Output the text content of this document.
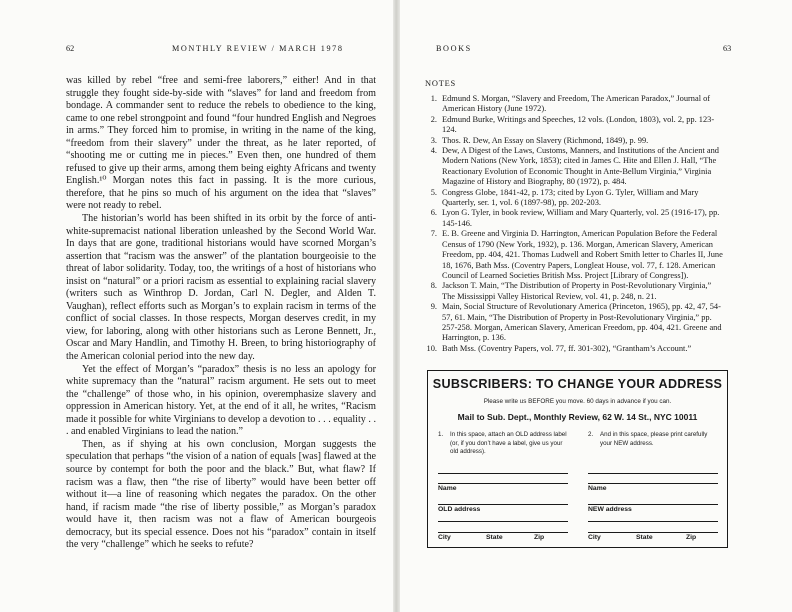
62	MONTHLY REVIEW / MARCH 1978	BOOKS	63

was killed by rebel “free and semi-free laborers,” either! And in that struggle they fought side-by-side with “slaves” for land and freedom from bondage. A commander sent to reduce the rebels to obedience to the king, came to one rebel strongpoint and found “four hundred English and Negroes in arms.” They forced him to promise, in writing in the name of the king, “freedom from their slavery” under the threat, as he later reported, of “shooting me or cutting me in pieces.” Even then, one hundred of them refused to give up their arms, among them being eighty Africans and twenty English.¹⁰ Morgan notes this fact in passing. It is the more curious, therefore, that he pins so much of his argument on the idea that “slaves” were not ready to rebel.

The historian’s world has been shifted in its orbit by the force of anti-white-supremacist national liberation unleashed by the Second World War. In days that are gone, traditional historians would have scorned Morgan’s assertion that “racism was the answer” of the plantation bourgeoisie to the threat of labor solidarity. Today, too, the writings of a host of historians who insist on “natural” or a priori racism as essential to explaining racial slavery (writers such as Winthrop D. Jordan, Carl N. Degler, and Alden T. Vaughan), reflect efforts such as Morgan’s to explain racism in terms of the conflict of social classes. In those respects, Morgan deserves credit, in my view, for laboring, along with other historians such as Lerone Bennett, Jr., Oscar and Mary Handlin, and Timothy H. Breen, to bring historiography of the American colonial period into the new day.

Yet the effect of Morgan’s “paradox” thesis is no less an apology for white supremacy than the “natural” racism argument. He sets out to meet the “challenge” of those who, in his opinion, overemphasize slavery and oppression in American history. Yet, at the end of it all, he writes, “Racism made it possible for white Virginians to develop a devotion to . . . equality . . . and enabled Virginians to lead the nation.”

Then, as if shying at his own conclusion, Morgan suggests the speculation that perhaps “the vision of a nation of equals [was] flawed at the source by contempt for both the poor and the black.” But, what flaw? If racism was a flaw, then “the rise of liberty” would have been better off without it—a line of reasoning which negates the paradox. On the other hand, if racism made “the rise of liberty possible,” as Morgan’s paradox would have it, then racism was not a flaw of American bourgeois democracy, but its special essence. Does not his “paradox” contain in itself the very “challenge” which he seeks to refute?

NOTES
1. Edmund S. Morgan, “Slavery and Freedom, The American Paradox,” Journal of American History (June 1972).
2. Edmund Burke, Writings and Speeches, 12 vols. (London, 1803), vol. 2, pp. 123-124.
3. Thos. R. Dew, An Essay on Slavery (Richmond, 1849), p. 99.
4. Dew, A Digest of the Laws, Customs, Manners, and Institutions of the Ancient and Modern Nations (New York, 1853); cited in James C. Hite and Ellen J. Hall, “The Reactionary Evolution of Economic Thought in Ante-Bellum Virginia,” Virginia Magazine of History and Biography, 80 (1972), p. 484.
5. Congress Globe, 1841-42, p. 173; cited by Lyon G. Tyler, William and Mary Quarterly, ser. 1, vol. 6 (1897-98), pp. 202-203.
6. Lyon G. Tyler, in book review, William and Mary Quarterly, vol. 25 (1916-17), pp. 145-146.
7. E. B. Greene and Virginia D. Harrington, American Population Before the Federal Census of 1790 (New York, 1932), p. 136. Morgan, American Slavery, American Freedom, pp. 404, 421. Thomas Ludwell and Robert Smith letter to Charles II, June 18, 1676, Bath Mss. (Coventry Papers, Longleat House, vol. 77, f. 128. American Council of Learned Societies British Mss. Project [Library of Congress]).
8. Jackson T. Main, “The Distribution of Property in Post-Revolutionary Virginia,” The Mississippi Valley Historical Review, vol. 41, p. 248, n. 21.
9. Main, Social Structure of Revolutionary America (Princeton, 1965), pp. 42, 47, 54-57, 61. Main, “The Distribution of Property in Post-Revolutionary Virginia,” pp. 257-258. Morgan, American Slavery, American Freedom, pp. 404, 421. Greene and Harrington, p. 136.
10. Bath Mss. (Coventry Papers, vol. 77, ff. 301-302), “Grantham’s Account.”
SUBSCRIBERS: TO CHANGE YOUR ADDRESS
Please write us BEFORE you move. 60 days in advance if you can.
Mail to Sub. Dept., Monthly Review, 62 W. 14 St., NYC 10011
1.	In this space, attach an OLD address label (or, if you don’t have a label, give us your old address).
2.	And in this space, please print carefully your NEW address.
Name	Name
OLD address	NEW address
City	State	Zip	City	State	Zip
